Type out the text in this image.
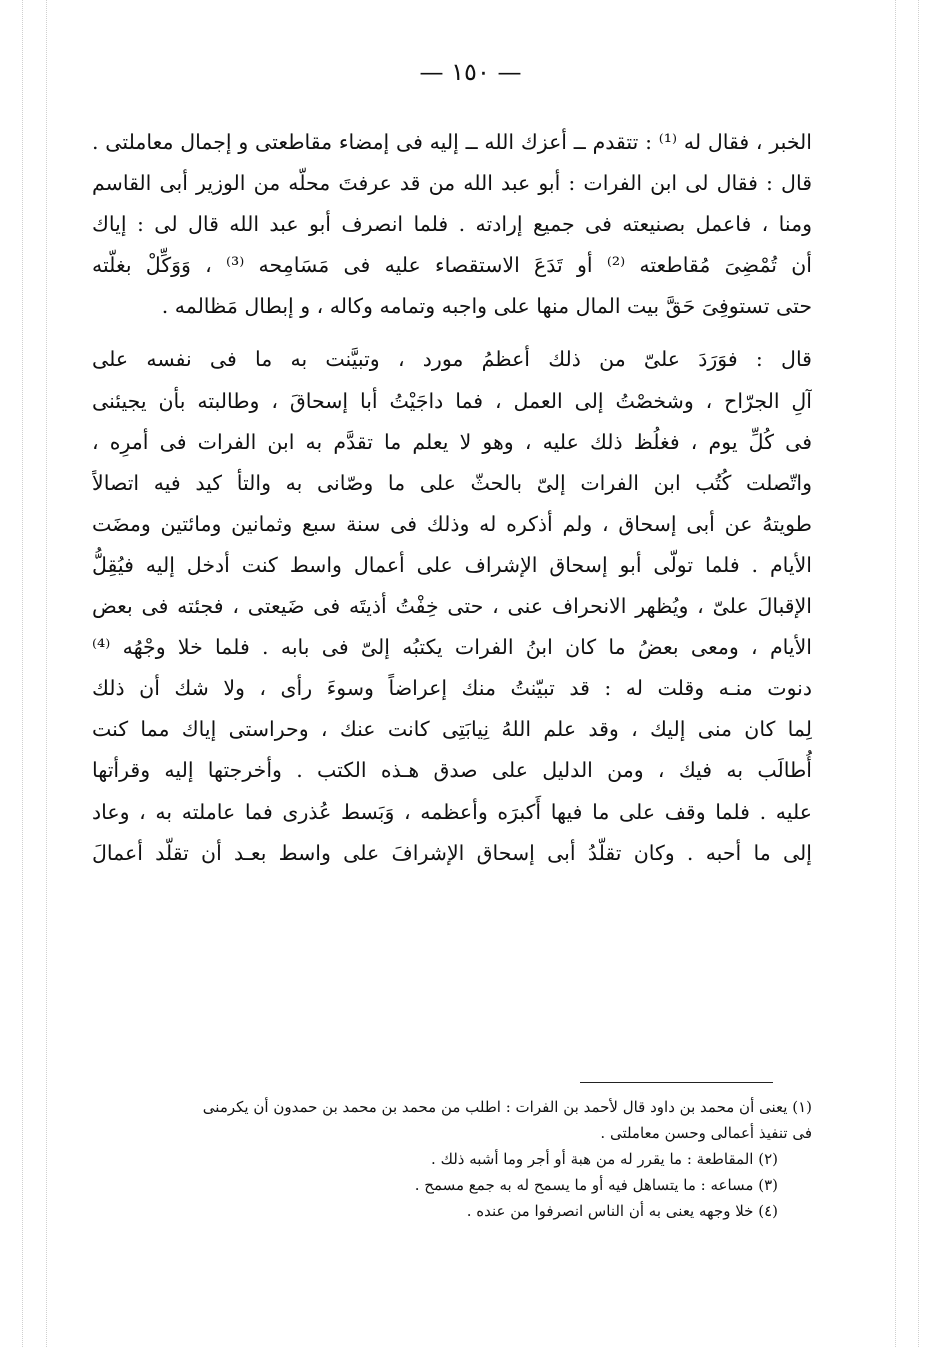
— ١٥٠ —
الخبر ، فقال له ⁽¹⁾ : تتقدم ــ أعزك الله ــ إليه فى إمضاء مقاطعتى و إجمال معاملتى .
قال : فقال لى ابن الفرات : أبو عبد الله من قد عرفتَ محلّه من الوزير أبى القاسم
ومنا ، فاعمل بصنيعته فى جميع إرادته . فلما انصرف أبو عبد الله قال لى : إياك
أن تُمْضِىَ مُقاطعته ⁽²⁾ أو تَدَعَ الاستقصاء عليه فى مَسَامِحه ⁽³⁾ ، وَوَكِّلْ بغلّته
حتى تستوفِىَ حَقَّ بيت المال منها على واجبه وتمامه وكاله ، و إبطال مَظالمه .
قال : فوَرَدَ علىّ من ذلك أعظمُ مورد ، وتبيَّنت به ما فى نفسه على
آلِ الجرّاح ، وشخصْتُ إلى العمل ، فما داجَيْتُ أبا إسحاقَ ، وطالبته بأن يجيئنى
فى كُلِّ يوم ، فغلُظ ذلك عليه ، وهو لا يعلم ما تقدَّم به ابن الفرات فى أمرِه ،
واتّصلت كُتُب ابن الفرات إلىّ بالحثّ على ما وصّانى به والتأ كيد فيه اتصالاً
طويتهُ عن أبى إسحاق ، ولم أذكره له وذلك فى سنة سبع وثمانين ومائتين ومضَت
الأيام . فلما تولّى أبو إسحاق الإشراف على أعمال واسط كنت أدخل إليه فيُقِلُّ
الإقبالَ علىّ ، ويُظهر الانحراف عنى ، حتى خِفْتُ أذيتَه فى ضَيعتى ، فجئته فى بعض
الأيام ، ومعى بعضُ ما كان ابنُ الفرات يكتبُه إلىّ فى بابه . فلما خلا وجْهُه ⁽⁴⁾
دنوت منـه وقلت له : قد تبيّنتُ منك إعراضاً وسوءَ رأى ، ولا شك أن ذلك
لِما كان منى إليك ، وقد علم اللهُ نِيابَتِى كانت عنك ، وحراستى إياك مما كنت
أُطالَب به فيك ، ومن الدليل على صدق هـذه الكتب . وأخرجتها إليه وقرأتها
عليه . فلما وقف على ما فيها أَكبرَه وأعظمه ، وَبَسط عُذرى فما عاملته به ، وعاد
إلى ما أحبه . وكان تقلّدُ أبى إسحاق الإشرافَ على واسط بعـد أن تقلّد أعمالَ
(١) يعنى أن محمد بن داود قال لأحمد بن الفرات : اطلب من محمد بن محمد بن حمدون أن يكرمنى
فى تنفيذ أعمالى وحسن معاملتى .
(٢) المقاطعة : ما يقرر له من هبة أو أجر وما أشبه ذلك .
(٣) مساعه : ما يتساهل فيه أو ما يسمح له به جمع مسمح .
(٤) خلا وجهه يعنى به أن الناس انصرفوا من عنده .
